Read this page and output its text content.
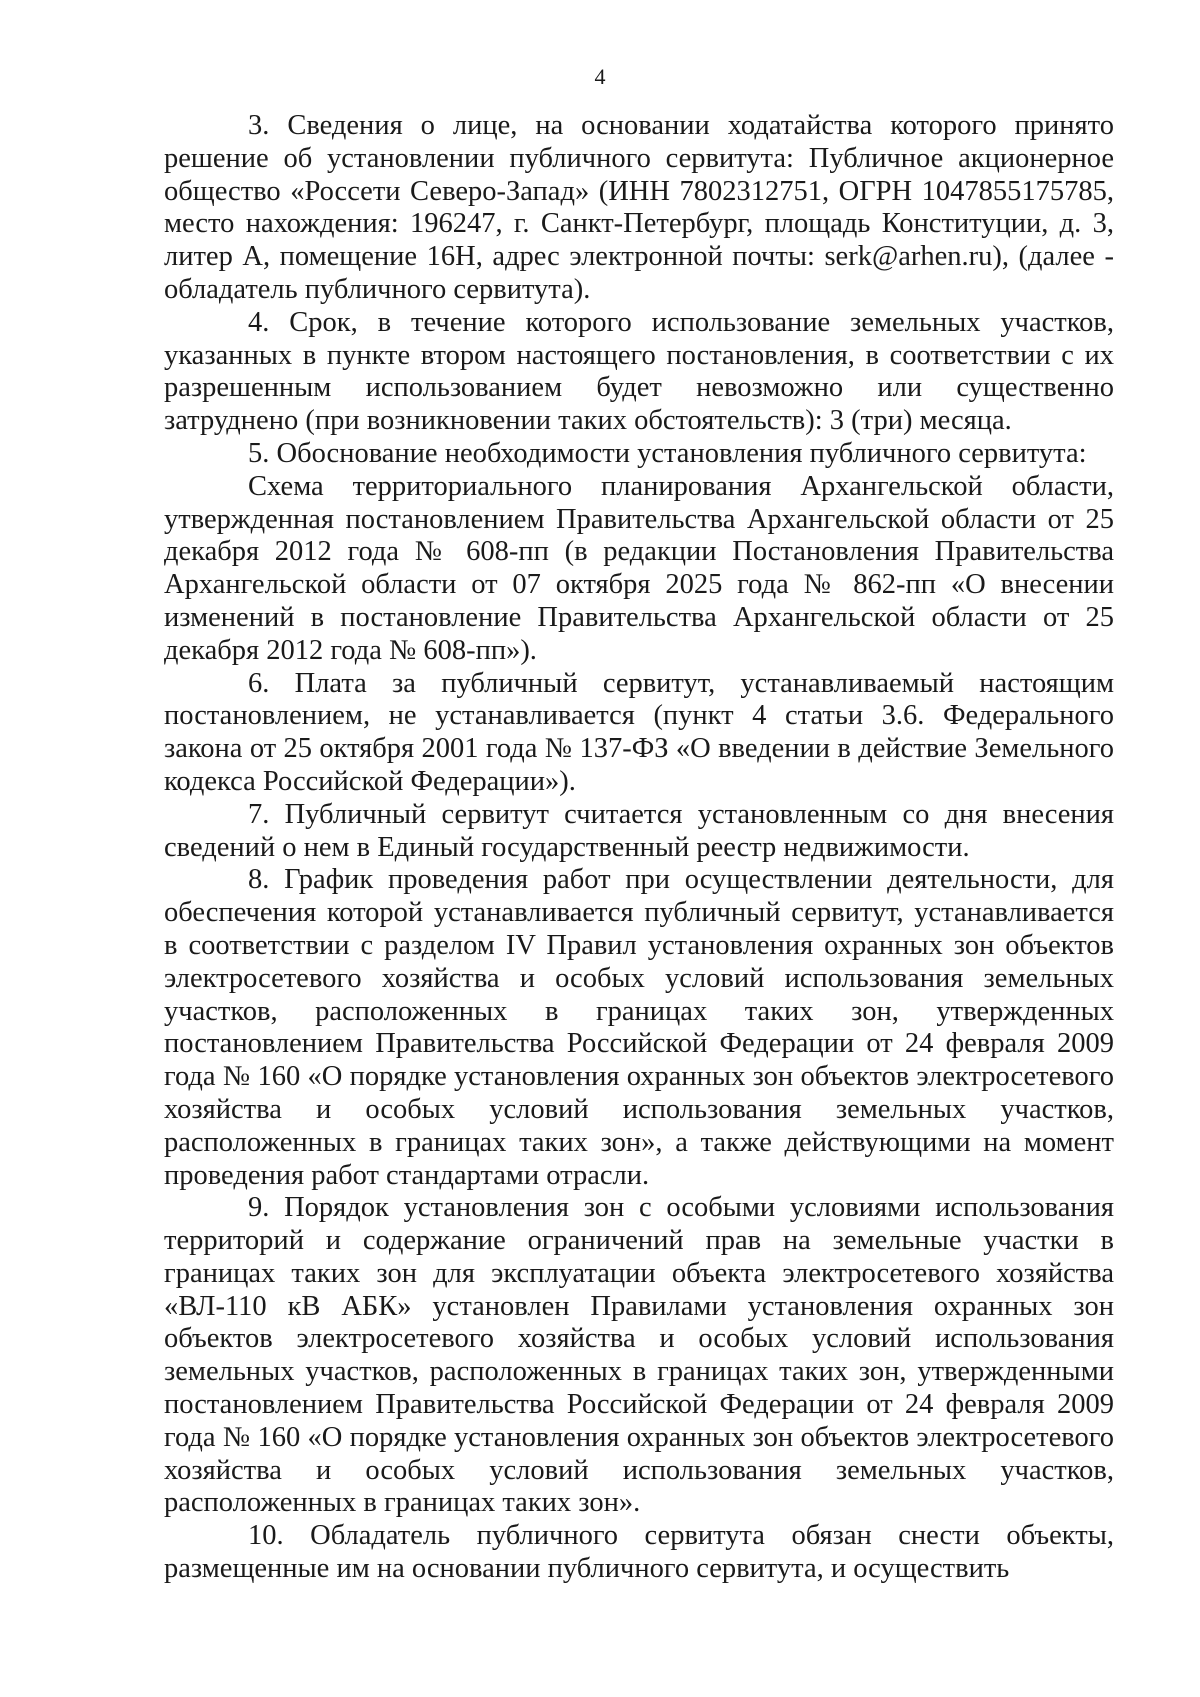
4

3. Сведения о лице, на основании ходатайства которого принято решение об установлении публичного сервитута: Публичное акционерное общество «Россети Северо-Запад» (ИНН 7802312751, ОГРН 1047855175785, место нахождения: 196247, г. Санкт-Петербург, площадь Конституции, д. 3, литер А, помещение 16Н, адрес электронной почты: serk@arhen.ru), (далее - обладатель публичного сервитута).

4. Срок, в течение которого использование земельных участков, указанных в пункте втором настоящего постановления, в соответствии с их разрешенным использованием будет невозможно или существенно затруднено (при возникновении таких обстоятельств): 3 (три) месяца.

5. Обоснование необходимости установления публичного сервитута:

Схема территориального планирования Архангельской области, утвержденная постановлением Правительства Архангельской области от 25 декабря 2012 года № 608-пп (в редакции Постановления Правительства Архангельской области от 07 октября 2025 года № 862-пп «О внесении изменений в постановление Правительства Архангельской области от 25 декабря 2012 года № 608-пп»).

6. Плата за публичный сервитут, устанавливаемый настоящим постановлением, не устанавливается (пункт 4 статьи 3.6. Федерального закона от 25 октября 2001 года № 137-ФЗ «О введении в действие Земельного кодекса Российской Федерации»).

7. Публичный сервитут считается установленным со дня внесения сведений о нем в Единый государственный реестр недвижимости.

8. График проведения работ при осуществлении деятельности, для обеспечения которой устанавливается публичный сервитут, устанавливается в соответствии с разделом IV Правил установления охранных зон объектов электросетевого хозяйства и особых условий использования земельных участков, расположенных в границах таких зон, утвержденных постановлением Правительства Российской Федерации от 24 февраля 2009 года № 160 «О порядке установления охранных зон объектов электросетевого хозяйства и особых условий использования земельных участков, расположенных в границах таких зон», а также действующими на момент проведения работ стандартами отрасли.

9. Порядок установления зон с особыми условиями использования территорий и содержание ограничений прав на земельные участки в границах таких зон для эксплуатации объекта электросетевого хозяйства «ВЛ-110 кВ АБК» установлен Правилами установления охранных зон объектов электросетевого хозяйства и особых условий использования земельных участков, расположенных в границах таких зон, утвержденными постановлением Правительства Российской Федерации от 24 февраля 2009 года № 160 «О порядке установления охранных зон объектов электросетевого хозяйства и особых условий использования земельных участков, расположенных в границах таких зон».

10. Обладатель публичного сервитута обязан снести объекты, размещенные им на основании публичного сервитута, и осуществить
